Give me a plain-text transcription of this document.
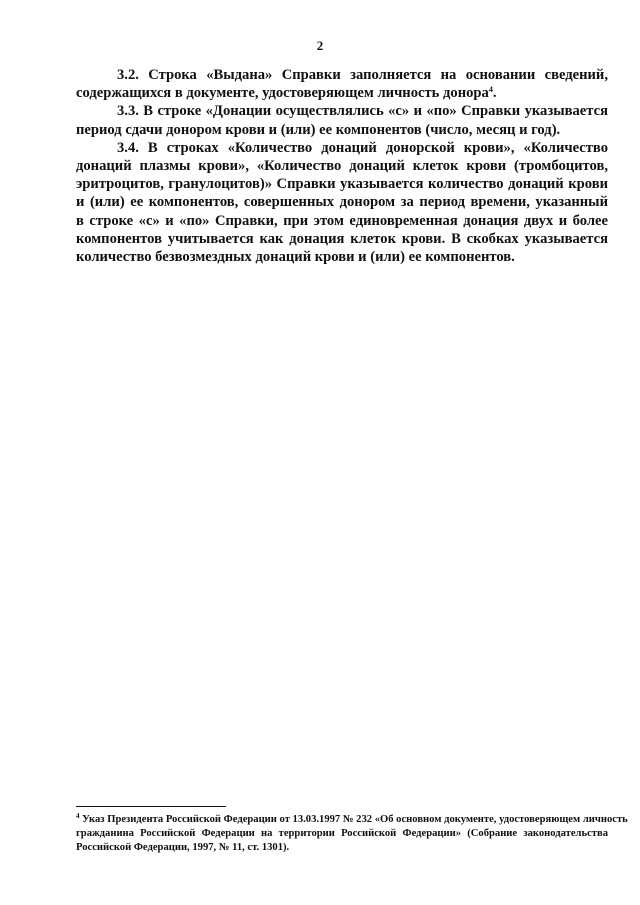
2

3.2. Строка «Выдана» Справки заполняется на основании сведений,
содержащихся в документе, удостоверяющем личность донора$^4$.

3.3. В строке «Донации осуществлялись «с» и «по» Справки указывается
период сдачи донором крови и (или) ее компонентов (число, месяц и год).

3.4. В строках «Количество донаций донорской крови», «Количество
донаций плазмы крови», «Количество донаций клеток крови (тромбоцитов,
эритроцитов, гранулоцитов)» Справки указывается количество донаций крови
и (или) ее компонентов, совершенных донором за период времени, указанный
в строке «с» и «по» Справки, при этом единовременная донация двух и более
компонентов учитывается как донация клеток крови. В скобках указывается
количество безвозмездных донаций крови и (или) ее компонентов.

$^4$ Указ Президента Российской Федерации от 13.03.1997 № 232 «Об основном документе, удостоверяющем личность
гражданина Российской Федерации на территории Российской Федерации» (Собрание законодательства
Российской Федерации, 1997, № 11, ст. 1301).
